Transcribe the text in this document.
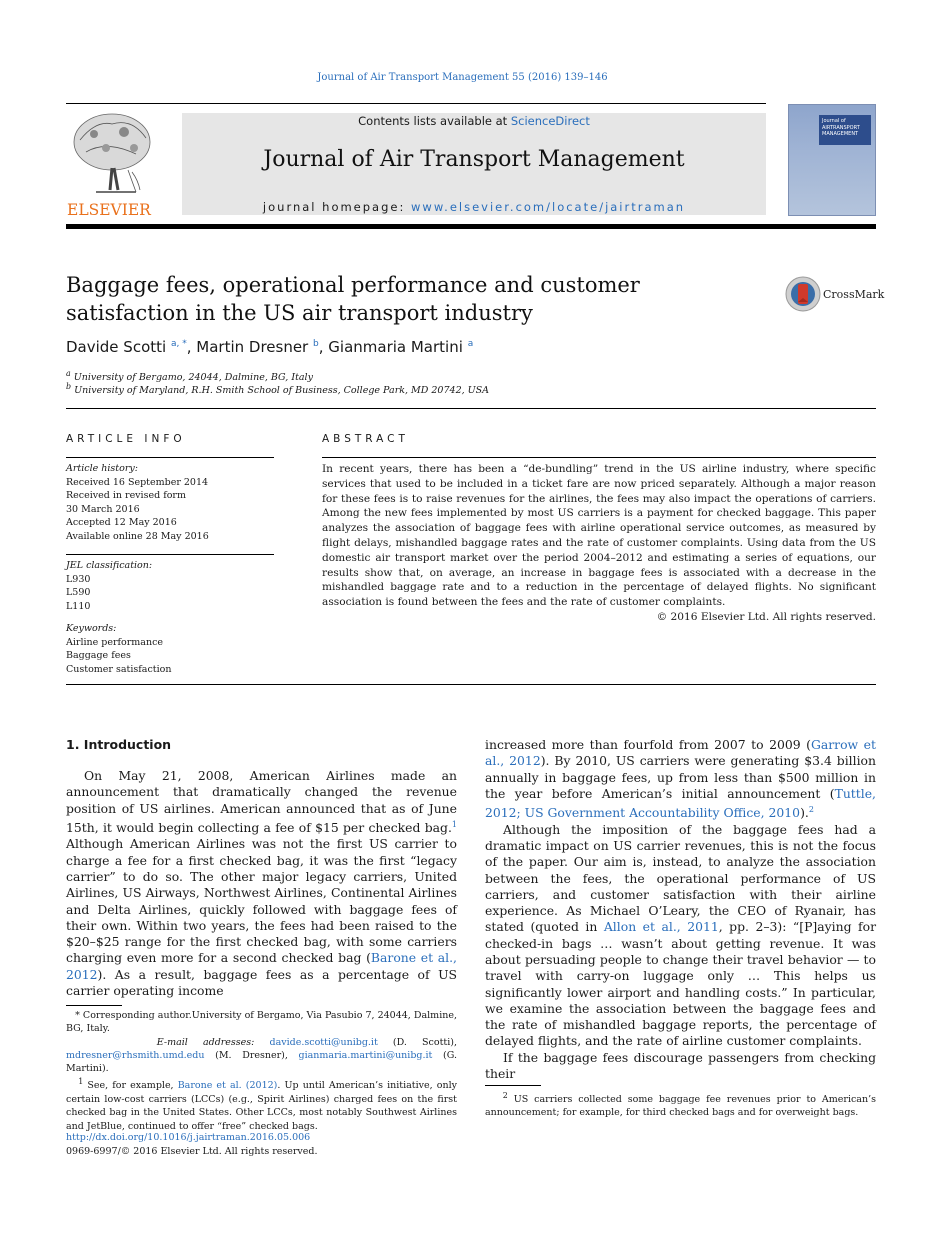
Journal of Air Transport Management 55 (2016) 139–146
ELSEVIER
Contents lists available at ScienceDirect
Journal of Air Transport Management
journal homepage: www.elsevier.com/locate/jairtraman
Journal of AIRTRANSPORT MANAGEMENT
Baggage fees, operational performance and customer satisfaction in the US air transport industry
CrossMark
Davide Scotti $^{a, *}$, Martin Dresner $^b$, Gianmaria Martini $^a$
$^a$ University of Bergamo, 24044, Dalmine, BG, Italy
$^b$ University of Maryland, R.H. Smith School of Business, College Park, MD 20742, USA
ARTICLE INFO	ABSTRACT
Article history:
Received 16 September 2014
Received in revised form
30 March 2016
Accepted 12 May 2016
Available online 28 May 2016
JEL classification:
L930
L590
L110
Keywords:
Airline performance
Baggage fees
Customer satisfaction
In recent years, there has been a “de-bundling” trend in the US airline industry, where specific services that used to be included in a ticket fare are now priced separately. Although a major reason for these fees is to raise revenues for the airlines, the fees may also impact the operations of carriers. Among the new fees implemented by most US carriers is a payment for checked baggage. This paper analyzes the association of baggage fees with airline operational service outcomes, as measured by flight delays, mishandled baggage rates and the rate of customer complaints. Using data from the US domestic air transport market over the period 2004–2012 and estimating a series of equations, our results show that, on average, an increase in baggage fees is associated with a decrease in the mishandled baggage rate and to a reduction in the percentage of delayed flights. No significant association is found between the fees and the rate of customer complaints.
© 2016 Elsevier Ltd. All rights reserved.
1. Introduction

On May 21, 2008, American Airlines made an announcement that dramatically changed the revenue position of US airlines. American announced that as of June 15th, it would begin collecting a fee of $15 per checked bag.$^1$ Although American Airlines was not the first US carrier to charge a fee for a first checked bag, it was the first “legacy carrier” to do so. The other major legacy carriers, United Airlines, US Airways, Northwest Airlines, Continental Airlines and Delta Airlines, quickly followed with baggage fees of their own. Within two years, the fees had been raised to the $20–$25 range for the first checked bag, with some carriers charging even more for a second checked bag (Barone et al., 2012). As a result, baggage fees as a percentage of US carrier operating income

increased more than fourfold from 2007 to 2009 (Garrow et al., 2012). By 2010, US carriers were generating $3.4 billion annually in baggage fees, up from less than $500 million in the year before American’s initial announcement (Tuttle, 2012; US Government Accountability Office, 2010).$^2$

Although the imposition of the baggage fees had a dramatic impact on US carrier revenues, this is not the focus of the paper. Our aim is, instead, to analyze the association between the fees, the operational performance of US carriers, and customer satisfaction with their airline experience. As Michael O’Leary, the CEO of Ryanair, has stated (quoted in Allon et al., 2011, pp. 2–3): “[P]aying for checked-in bags … wasn’t about getting revenue. It was about persuading people to change their travel behavior — to travel with carry-on luggage only … This helps us significantly lower airport and handling costs.” In particular, we examine the association between the baggage fees and the rate of mishandled baggage reports, the percentage of delayed flights, and the rate of airline customer complaints.

If the baggage fees discourage passengers from checking their

* Corresponding author.University of Bergamo, Via Pasubio 7, 24044, Dalmine, BG, Italy.
E-mail addresses: davide.scotti@unibg.it (D. Scotti), mdresner@rhsmith.umd.edu (M. Dresner), gianmaria.martini@unibg.it (G. Martini).
$^1$ See, for example, Barone et al. (2012). Up until American’s initiative, only certain low-cost carriers (LCCs) (e.g., Spirit Airlines) charged fees on the first checked bag in the United States. Other LCCs, most notably Southwest Airlines and JetBlue, continued to offer “free” checked bags.
$^2$ US carriers collected some baggage fee revenues prior to American’s announcement; for example, for third checked bags and for overweight bags.
http://dx.doi.org/10.1016/j.jairtraman.2016.05.006
0969-6997/© 2016 Elsevier Ltd. All rights reserved.
